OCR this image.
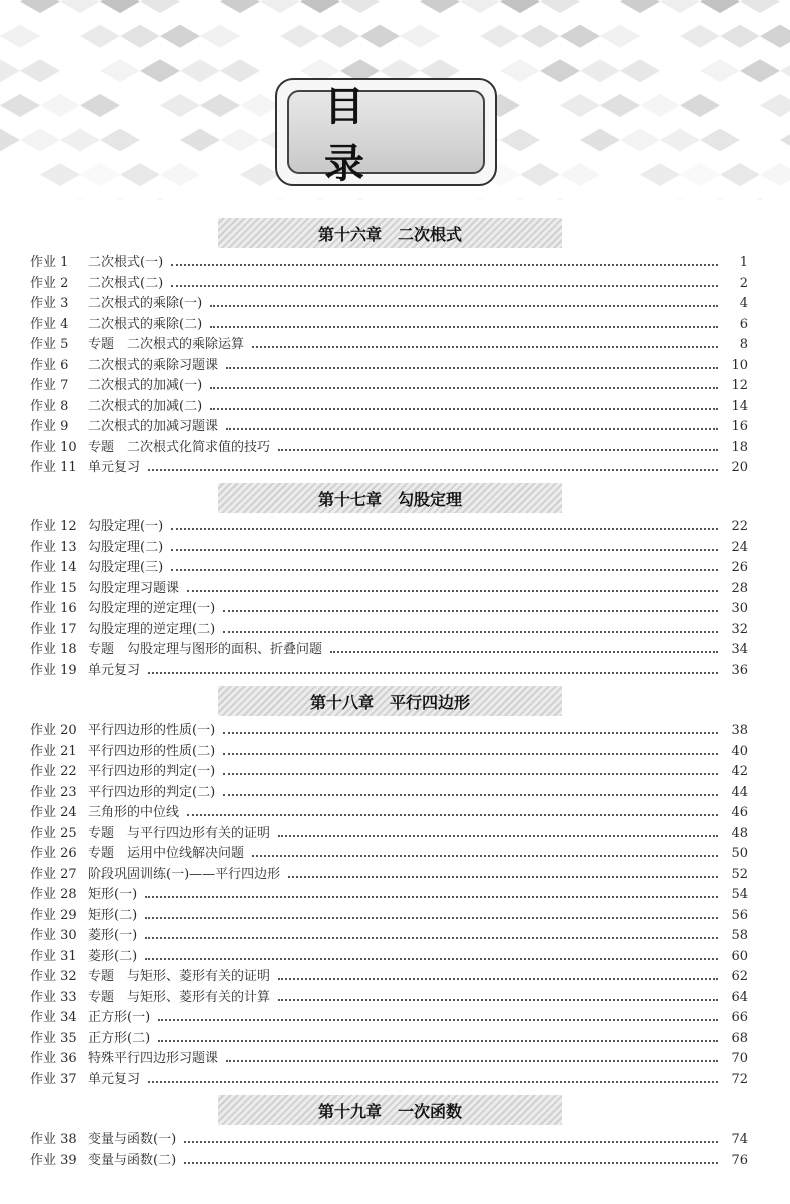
目　录
第十六章　二次根式
作业 1	二次根式(一)	1
作业 2	二次根式(二)	2
作业 3	二次根式的乘除(一)	4
作业 4	二次根式的乘除(二)	6
作业 5	专题　二次根式的乘除运算	8
作业 6	二次根式的乘除习题课	10
作业 7	二次根式的加减(一)	12
作业 8	二次根式的加减(二)	14
作业 9	二次根式的加减习题课	16
作业 10 专题　二次根式化简求值的技巧	18
作业 11 单元复习	20
第十七章　勾股定理
作业 12 勾股定理(一)	22
作业 13 勾股定理(二)	24
作业 14 勾股定理(三)	26
作业 15 勾股定理习题课	28
作业 16 勾股定理的逆定理(一)	30
作业 17 勾股定理的逆定理(二)	32
作业 18 专题　勾股定理与图形的面积、折叠问题	34
作业 19 单元复习	36
第十八章　平行四边形
作业 20 平行四边形的性质(一)	38
作业 21 平行四边形的性质(二)	40
作业 22 平行四边形的判定(一)	42
作业 23 平行四边形的判定(二)	44
作业 24 三角形的中位线	46
作业 25 专题　与平行四边形有关的证明	48
作业 26 专题　运用中位线解决问题	50
作业 27 阶段巩固训练(一)——平行四边形	52
作业 28 矩形(一)	54
作业 29 矩形(二)	56
作业 30 菱形(一)	58
作业 31 菱形(二)	60
作业 32 专题　与矩形、菱形有关的证明	62
作业 33 专题　与矩形、菱形有关的计算	64
作业 34 正方形(一)	66
作业 35 正方形(二)	68
作业 36 特殊平行四边形习题课	70
作业 37 单元复习	72
第十九章　一次函数
作业 38 变量与函数(一)	74
作业 39 变量与函数(二)	76
